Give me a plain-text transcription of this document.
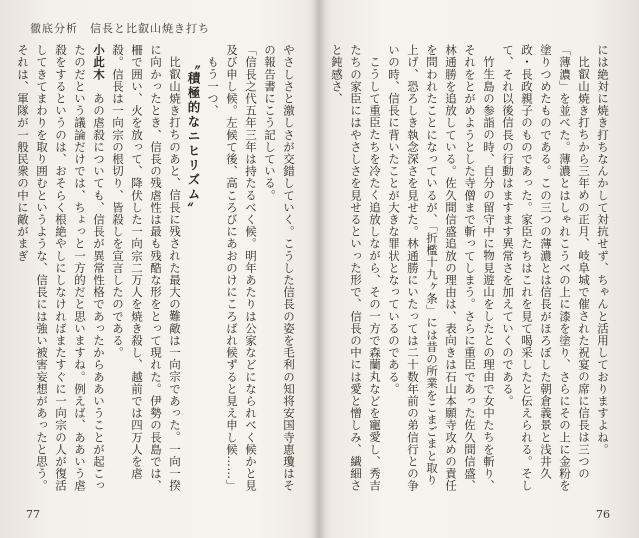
徹底分析　信長と比叡山焼き打ち

やさしさと激しさが交錯していく。こうした信長の姿を毛利の知将安国寺恵瓊はその報告書にこう記している。

「信長之代五年三年は持たるべく候。明年あたりは公家などになられべく候かと見及び申し候。左候て後、高ころびにあおのけにころばれ候ずると見え申し候……」

もう一つ、

〝積極的なニヒリズム〟

比叡山焼き打ちのあと、信長に残された最大の難敵は一向宗であった。一向一揆に向かったとき、信長の残虐性は最も残酷な形をとって現れた。伊勢の長島では、柵で囲い、火を放って、降伏した一向宗二万人を焼き殺し、越前では四万人を虐殺。信長は一向宗の根切り、皆殺しを宣言したのである。

小此木　あの虐殺についても、信長が異常性格であったからああいうことが起こったのだという議論だけでは、ちょっと一方的だと思いますね。例えば、ああいう虐殺をするというのは、おそらく根絶やしにしなければまたすぐに一向宗の人が復活してきてまわりを取り囲むというような、信長には強い被害妄想があったと思う。それは、軍隊が一般民衆の中に敵がまぎ	には絶対に焼き打ちなんかして対抗せず、ちゃんと活用しておりますよね。

比叡山焼き打ちから三年めの正月、岐阜城で催された祝宴の席に信長は三つの「薄濃」を並べた。薄濃とはしゃれこうべの上に漆を塗り、さらにその上に金粉を塗りつめたものである。この三つの薄濃とは信長がほろぼした朝倉義景と浅井久政・長政親子のものであった。家臣たちはこれを見て喝采したと伝えられる。そして、それ以後信長の行動はますます異常さを加えていくのである。

竹生島の参詣の時、自分の留守中に物見遊山をしたとの理由で女中たちを斬り、それをとがめようとした寺僧まで斬ってしまう。さらに重臣であった佐久間信盛、林通勝を追放している。佐久間信盛追放の理由は、表向きは石山本願寺攻めの責任を問われたことになっているが、「折檻十九ヶ条」には昔の所業をこまごまと取り上げ、恐ろしき執念深さを見せた。林通勝にいたっては二十数年前の弟信行との争いの時、信長に背いたことが大きな罪状となっているのである。

こうして重臣たちを冷たく追放しながら、その一方で森蘭丸などを寵愛し、秀吉たちの家臣にはやさしさを見せるといった形で、信長の中には愛と憎しみ、繊細さと鈍感さ、

77	76
